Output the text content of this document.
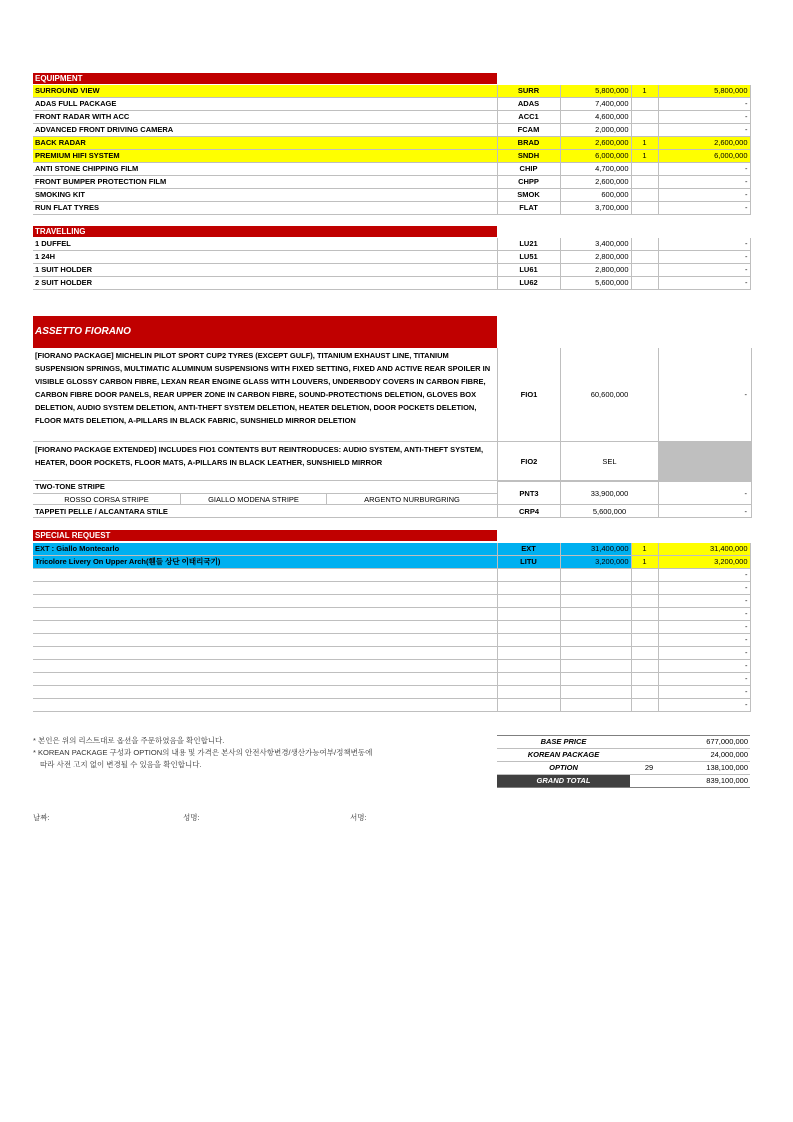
EQUIPMENT
SURROUND VIEW	SURR	5,800,000	1	5,800,000
ADAS FULL PACKAGE	ADAS	7,400,000		-
FRONT RADAR WITH ACC	ACC1	4,600,000		-
ADVANCED FRONT DRIVING CAMERA	FCAM	2,000,000		-
BACK RADAR	BRAD	2,600,000	1	2,600,000
PREMIUM HIFI SYSTEM	SNDH	6,000,000	1	6,000,000
ANTI STONE CHIPPING FILM	CHIP	4,700,000		-
FRONT BUMPER PROTECTION FILM	CHPP	2,600,000		-
SMOKING KIT	SMOK	600,000		-
RUN FLAT TYRES	FLAT	3,700,000		-
TRAVELLING
1 DUFFEL	LU21	3,400,000		-
1 24H	LU51	2,800,000		-
1 SUIT HOLDER	LU61	2,800,000		-
2 SUIT HOLDER	LU62	5,600,000		-
ASSETTO FIORANO
[FIORANO PACKAGE] MICHELIN PILOT SPORT CUP2 TYRES (EXCEPT GULF), TITANIUM EXHAUST LINE, TITANIUM SUSPENSION SPRINGS, MULTIMATIC ALUMINUM SUSPENSIONS WITH FIXED SETTING, FIXED AND ACTIVE REAR SPOILER IN VISIBLE GLOSSY CARBON FIBRE, LEXAN REAR ENGINE GLASS WITH LOUVERS, UNDERBODY COVERS IN CARBON FIBRE, CARBON FIBRE DOOR PANELS, REAR UPPER ZONE IN CARBON FIBRE, SOUND-PROTECTIONS DELETION, GLOVES BOX DELETION, AUDIO SYSTEM DELETION, ANTI-THEFT SYSTEM DELETION, HEATER DELETION, DOOR POCKETS DELETION, FLOOR MATS DELETION, A-PILLARS IN BLACK FABRIC, SUNSHIELD MIRROR DELETION
FIO1	60,600,000	-
[FIORANO PACKAGE EXTENDED] INCLUDES FIO1 CONTENTS BUT REINTRODUCES: AUDIO SYSTEM, ANTI-THEFT SYSTEM, HEATER, DOOR POCKETS, FLOOR MATS, A-PILLARS IN BLACK LEATHER, SUNSHIELD MIRROR	FIO2	SEL
TWO-TONE STRIPE
ROSSO CORSA STRIPE	GIALLO MODENA STRIPE	ARGENTO NURBURGRING
PNT3	33,900,000	-
TAPPETI PELLE / ALCANTARA STILE	CRP4	5,600,000	-
SPECIAL REQUEST
EXT : Giallo Montecarlo	EXT	31,400,000	1	31,400,000
Tricolore Livery On Upper Arch(휀들 상단 이태리국기)	LITU	3,200,000	1	3,200,000
				-
				-
				-
				-
				-
				-
				-
				-
				-
				-
				-
* 본인은 위의 리스트대로 옵션을 주문하였음을 확인합니다.
* KOREAN PACKAGE 구성과 OPTION의 내용 및 가격은 본사의 안전사항변경/생산가능여부/정책변동에
따라 사전 고지 없이 변경될 수 있음을 확인합니다.
BASE PRICE		677,000,000
KOREAN PACKAGE		24,000,000
OPTION	29	138,100,000
GRAND TOTAL		839,100,000
날짜:	성명:	서명:
